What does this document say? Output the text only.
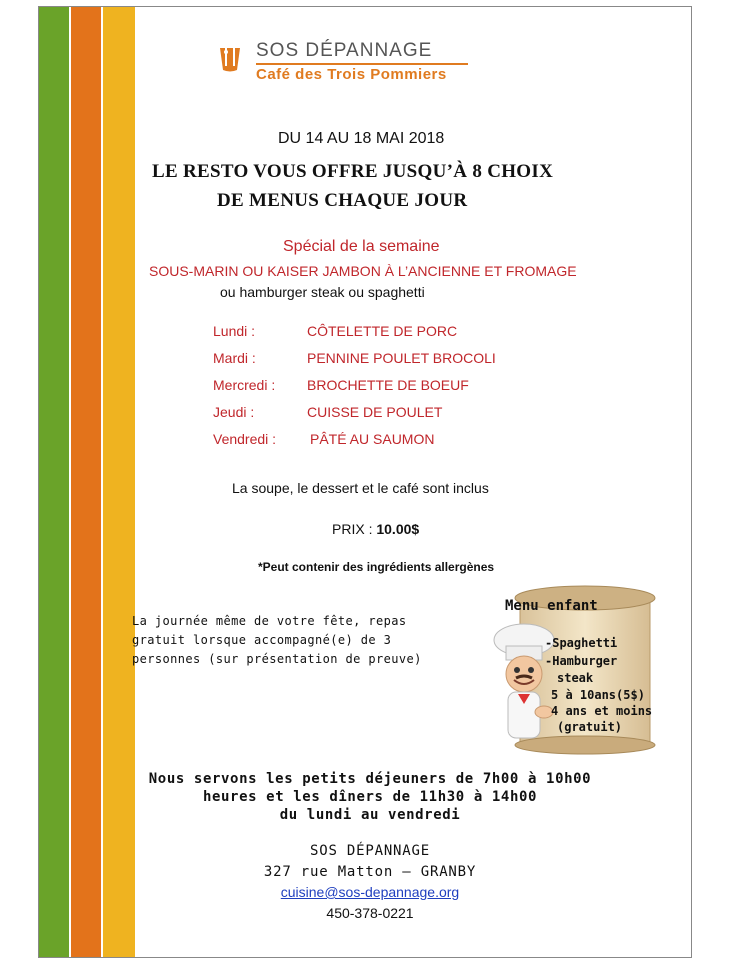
SOS DÉPANNAGE
Café des Trois Pommiers
DU 14 AU 18 MAI 2018
LE RESTO VOUS OFFRE JUSQU’À 8 CHOIX
DE MENUS CHAQUE JOUR
Spécial de la semaine
SOUS-MARIN OU KAISER JAMBON À L’ANCIENNE ET FROMAGE
ou hamburger steak ou spaghetti
Lundi :	CÔTELETTE DE PORC
Mardi :	PENNINE POULET BROCOLI
Mercredi : BROCHETTE DE BOEUF
Jeudi :	CUISSE DE POULET
Vendredi : PÂTÉ AU SAUMON
La soupe, le dessert et le café sont inclus
PRIX : 10.00$
*Peut contenir des ingrédients allergènes
La journée même de votre fête, repas gratuit lorsque accompagné(e) de 3 personnes (sur présentation de preuve)
Menu enfant
-Spaghetti
-Hamburger
steak
5 à 10ans(5$)
4 ans et moins
(gratuit)
Nous servons les petits déjeuners de 7h00 à 10h00
heures et les dîners de 11h30 à 14h00
du lundi au vendredi
SOS DÉPANNAGE
327 rue Matton – GRANBY
cuisine@sos-depannage.org
450-378-0221
